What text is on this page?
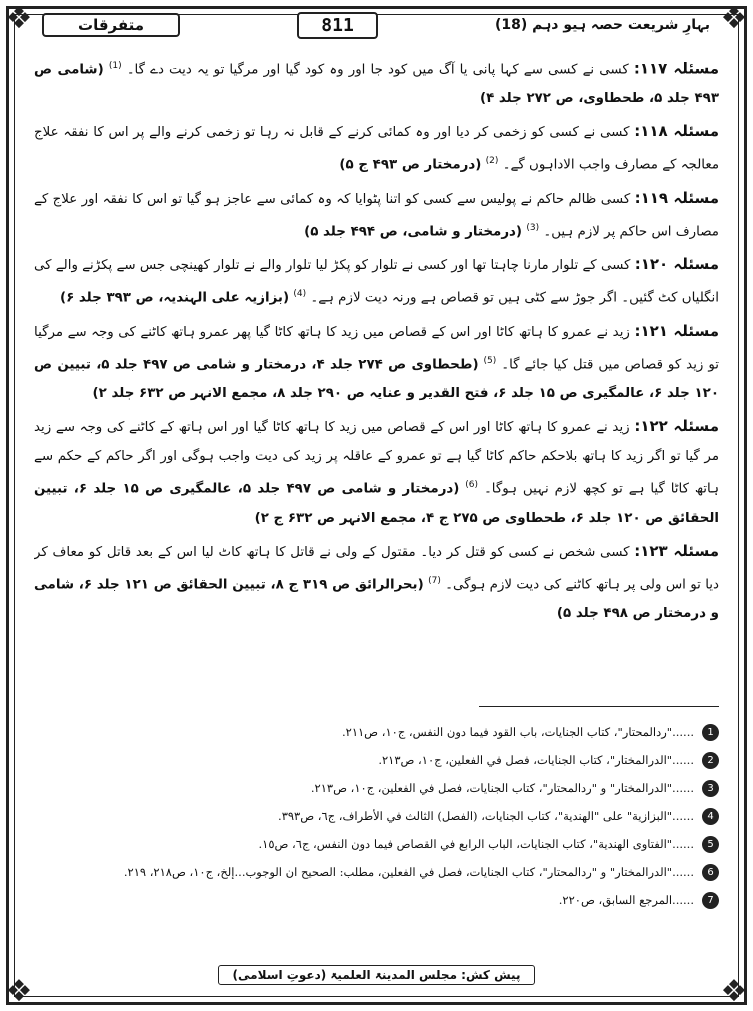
❖	❖
❖	❖
بہارِ شریعت حصہ ہیو دہم (18)
811
متفرقات

مسئلہ ۱۱۷: کسی نے کسی سے کہا پانی یا آگ میں کود جا اور وہ کود گیا اور مرگیا تو یہ دیت دے گا۔ $^{(1)}$ (شامی ص ۴۹۳ جلد ۵، طحطاوی، ص ۲۷۲ جلد ۴)

مسئلہ ۱۱۸: کسی نے کسی کو زخمی کر دیا اور وہ کمائی کرنے کے قابل نہ رہا تو زخمی کرنے والے پر اس کا نفقہ علاج معالجہ کے مصارف واجب الاداہوں گے۔ $^{(2)}$ (درمختار ص ۴۹۳ ج ۵)

مسئلہ ۱۱۹: کسی ظالم حاکم نے پولیس سے کسی کو اتنا پٹوایا کہ وہ کمائی سے عاجز ہو گیا تو اس کا نفقہ اور علاج کے مصارف اس حاکم پر لازم ہیں۔ $^{(3)}$ (درمختار و شامی، ص ۴۹۴ جلد ۵)

مسئلہ ۱۲۰: کسی کے تلوار مارنا چاہتا تھا اور کسی نے تلوار کو پکڑ لیا تلوار والے نے تلوار کھینچی جس سے پکڑنے والے کی انگلیاں کٹ گئیں۔ اگر جوڑ سے کٹی ہیں تو قصاص ہے ورنہ دیت لازم ہے۔ $^{(4)}$ (بزازیہ علی الہندیہ، ص ۳۹۳ جلد ۶)

مسئلہ ۱۲۱: زید نے عمرو کا ہاتھ کاٹا اور اس کے قصاص میں زید کا ہاتھ کاٹا گیا پھر عمرو ہاتھ کاٹنے کی وجہ سے مرگیا تو زید کو قصاص میں قتل کیا جائے گا۔ $^{(5)}$ (طحطاوی ص ۲۷۴ جلد ۴، درمختار و شامی ص ۴۹۷ جلد ۵، تبیین ص ۱۲۰ جلد ۶، عالمگیری ص ۱۵ جلد ۶، فتح القدیر و عنایہ ص ۲۹۰ جلد ۸، مجمع الانہر ص ۶۳۲ جلد ۲)

مسئلہ ۱۲۲: زید نے عمرو کا ہاتھ کاٹا اور اس کے قصاص میں زید کا ہاتھ کاٹا گیا اور اس ہاتھ کے کاٹنے کی وجہ سے زید مر گیا تو اگر زید کا ہاتھ بلاحکم حاکم کاٹا گیا ہے تو عمرو کے عاقلہ پر زید کی دیت واجب ہوگی اور اگر حاکم کے حکم سے ہاتھ کاٹا گیا ہے تو کچھ لازم نہیں ہوگا۔ $^{(6)}$ (درمختار و شامی ص ۴۹۷ جلد ۵، عالمگیری ص ۱۵ جلد ۶، تبیین الحقائق ص ۱۲۰ جلد ۶، طحطاوی ص ۲۷۵ ج ۴، مجمع الانہر ص ۶۳۲ ج ۲)

مسئلہ ۱۲۳: کسی شخص نے کسی کو قتل کر دیا۔ مقتول کے ولی نے قاتل کا ہاتھ کاٹ لیا اس کے بعد قاتل کو معاف کر دیا تو اس ولی پر ہاتھ کاٹنے کی دیت لازم ہوگی۔ $^{(7)}$ (بحرالرائق ص ۳۱۹ ج ۸، تبیین الحقائق ص ۱۲۱ جلد ۶، شامی و درمختار ص ۴۹۸ جلد ۵)

1
......"ردالمحتار"، كتاب الجنايات، باب القود فيما دون النفس، ج١٠، ص٢١١.
2
......"الدرالمختار"، كتاب الجنايات، فصل في الفعلين، ج١٠، ص٢١٣.
3
......"الدرالمختار" و "ردالمحتار"، كتاب الجنايات، فصل في الفعلين، ج١٠، ص٢١٣.
4
......"البزازية" على "الهندية"، كتاب الجنايات، (الفصل) الثالث في الأطراف، ج٦، ص٣٩٣.
5
......"الفتاوى الهندية"، كتاب الجنايات، الباب الرابع في القصاص فيما دون النفس، ج٦، ص١٥.
6
......"الدرالمختار" و "ردالمحتار"، كتاب الجنايات، فصل في الفعلين، مطلب: الصحيح ان الوجوب...إلخ، ج١٠، ص٢١٨، ٢١٩.
7
......المرجع السابق، ص٢٢٠.
پیش کش: مجلس المدینۃ العلمیۃ (دعوتِ اسلامی)
